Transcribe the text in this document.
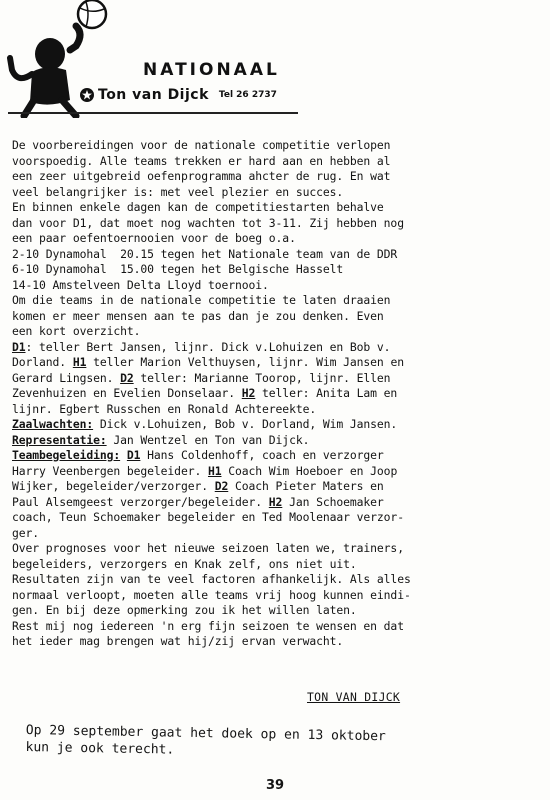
NATIONAAL
Ton van Dijck Tel 26 2737
De voorbereidingen voor de nationale competitie verlopen
voorspoedig. Alle teams trekken er hard aan en hebben al
een zeer uitgebreid oefenprogramma ahcter de rug. En wat
veel belangrijker is: met veel plezier en succes.
En binnen enkele dagen kan de competitiestarten behalve
dan voor D1, dat moet nog wachten tot 3-11. Zij hebben nog
een paar oefentoernooien voor de boeg o.a.
2-10 Dynamohal  20.15 tegen het Nationale team van de DDR
6-10 Dynamohal  15.00 tegen het Belgische Hasselt
14-10 Amstelveen Delta Lloyd toernooi.
Om die teams in de nationale competitie te laten draaien
komen er meer mensen aan te pas dan je zou denken. Even
een kort overzicht.
D1: teller Bert Jansen, lijnr. Dick v.Lohuizen en Bob v.
Dorland. H1 teller Marion Velthuysen, lijnr. Wim Jansen en
Gerard Lingsen. D2 teller: Marianne Toorop, lijnr. Ellen
Zevenhuizen en Evelien Donselaar. H2 teller: Anita Lam en
lijnr. Egbert Russchen en Ronald Achtereekte.
Zaalwachten: Dick v.Lohuizen, Bob v. Dorland, Wim Jansen.
Representatie: Jan Wentzel en Ton van Dijck.
Teambegeleiding: D1 Hans Coldenhoff, coach en verzorger
Harry Veenbergen begeleider. H1 Coach Wim Hoeboer en Joop
Wijker, begeleider/verzorger. D2 Coach Pieter Maters en
Paul Alsemgeest verzorger/begeleider. H2 Jan Schoemaker
coach, Teun Schoemaker begeleider en Ted Moolenaar verzor-
ger.
Over prognoses voor het nieuwe seizoen laten we, trainers,
begeleiders, verzorgers en Knak zelf, ons niet uit.
Resultaten zijn van te veel factoren afhankelijk. Als alles
normaal verloopt, moeten alle teams vrij hoog kunnen eindi-
gen. En bij deze opmerking zou ik het willen laten.
Rest mij nog iedereen 'n erg fijn seizoen te wensen en dat
het ieder mag brengen wat hij/zij ervan verwacht.
TON VAN DIJCK
Op 29 september gaat het doek op en 13 oktober
kun je ook terecht.
39
